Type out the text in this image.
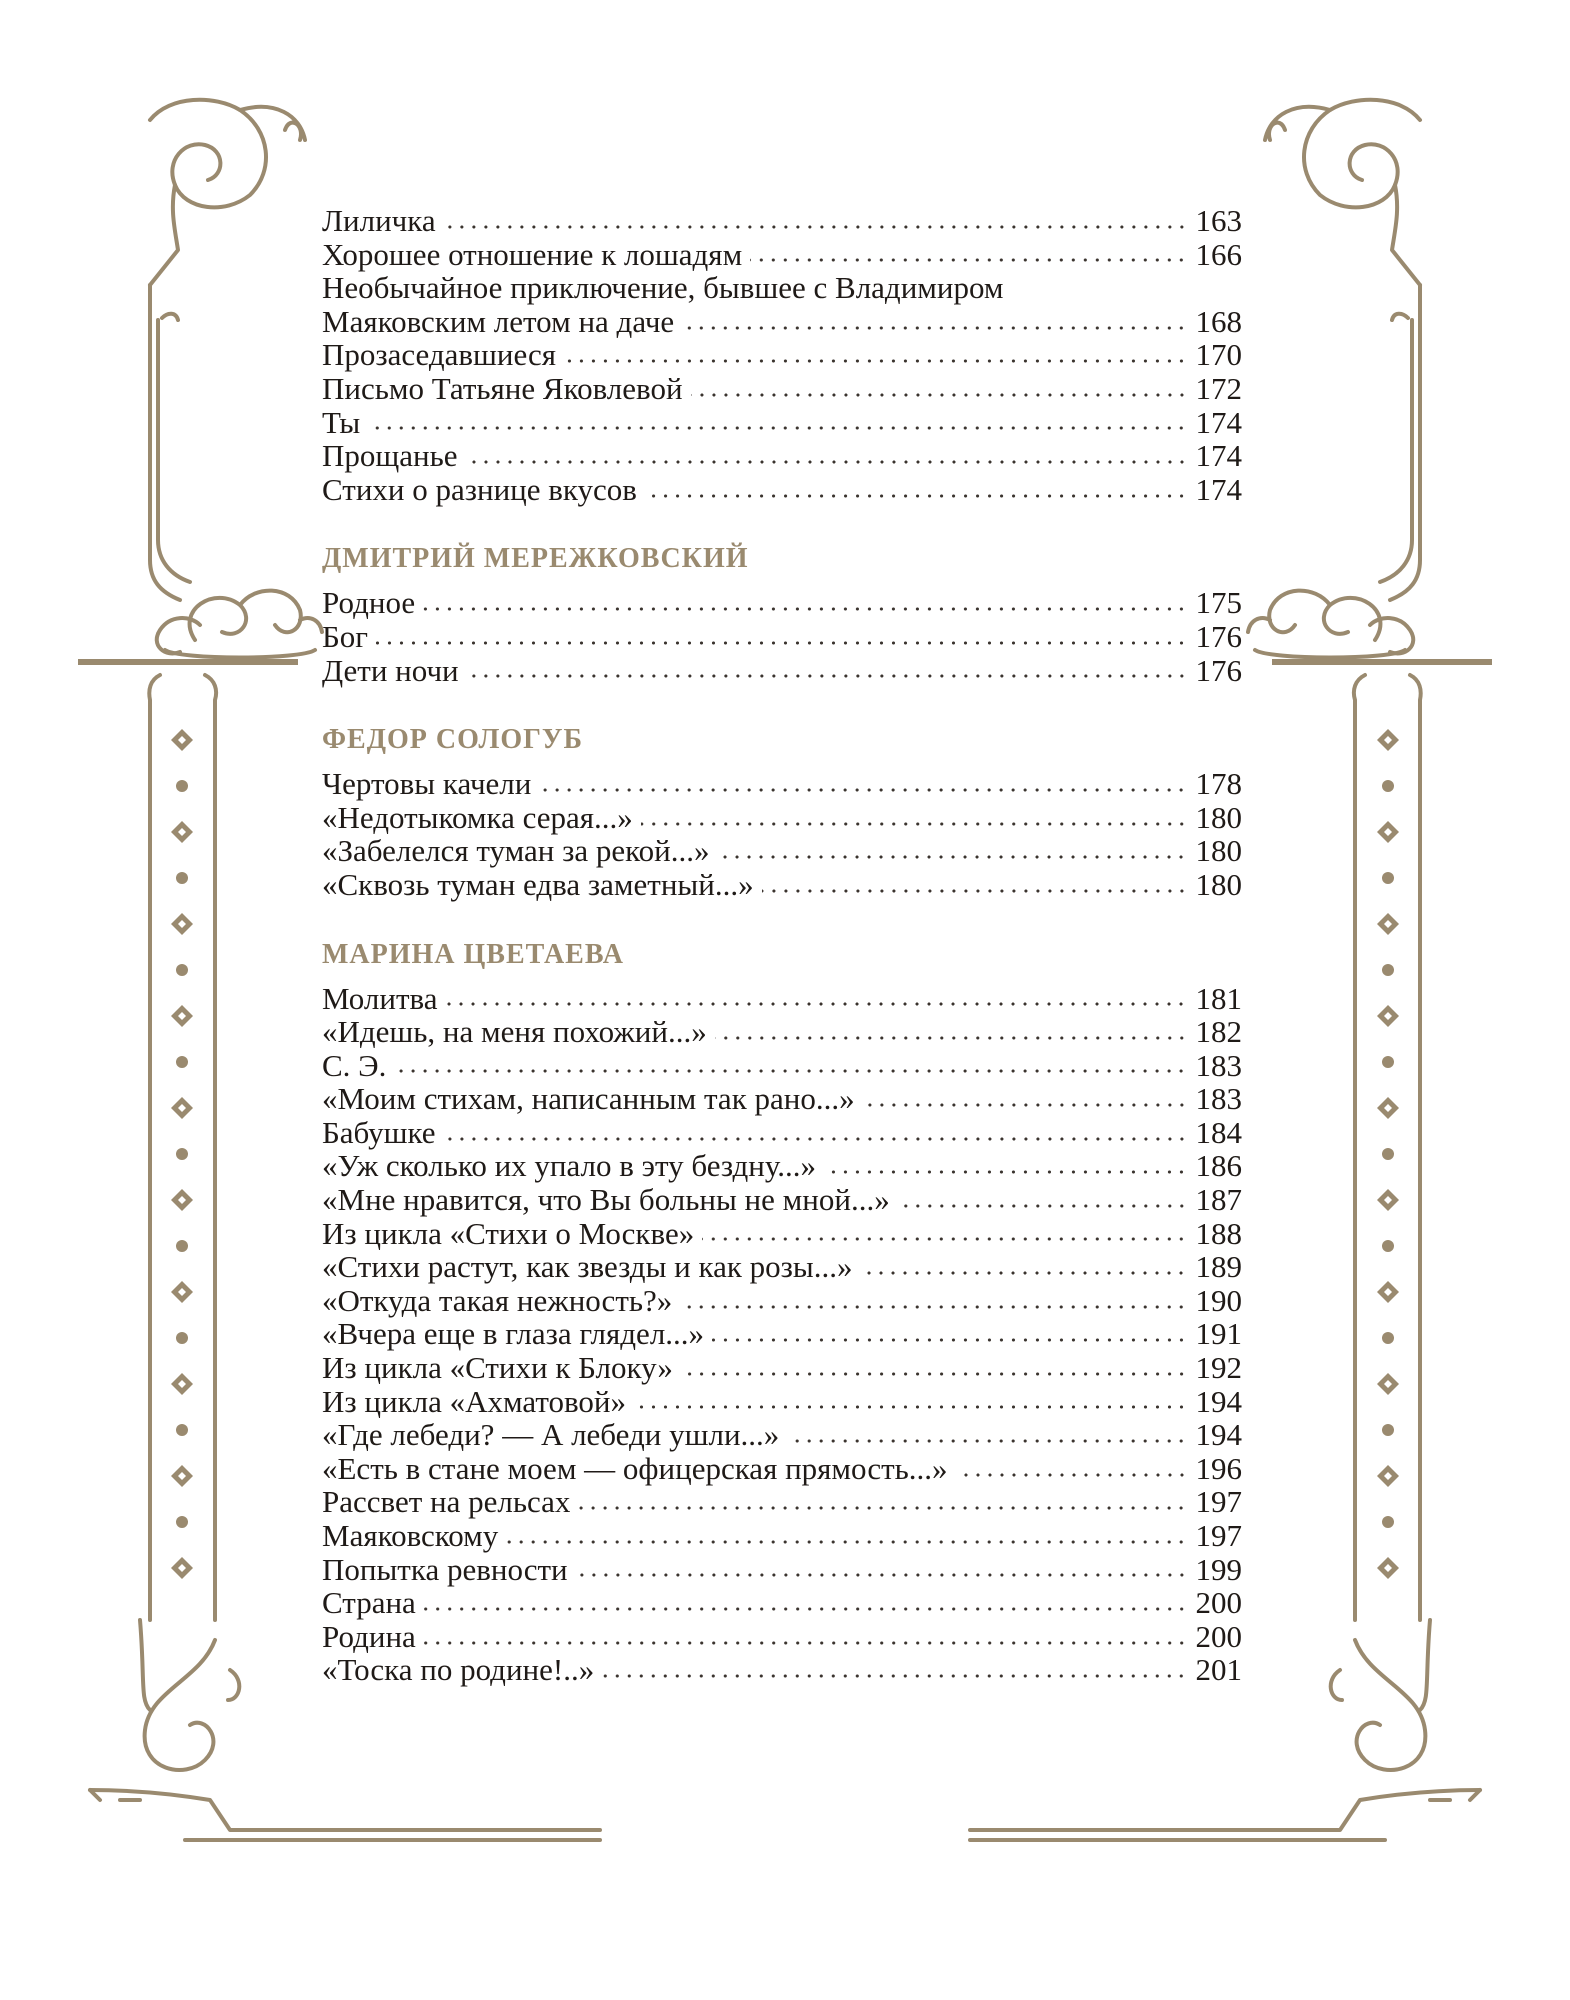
Лиличка	163
Хорошее отношение к лошадям	166
Необычайное приключение, бывшее с Владимиром
Маяковским летом на даче	168
Прозаседавшиеся	170
Письмо Татьяне Яковлевой	172
Ты	174
Прощанье	174
Стихи о разнице вкусов	174
ДМИТРИЙ МЕРЕЖКОВСКИЙ
Родное	175
Бог	176
Дети ночи	176
ФЕДОР СОЛОГУБ
Чертовы качели	178
«Недотыкомка серая...»	180
«Забелелся туман за рекой...»	180
«Сквозь туман едва заметный...»	180
МАРИНА ЦВЕТАЕВА
Молитва	181
«Идешь, на меня похожий...»	182
С. Э.	183
«Моим стихам, написанным так рано...»	183
Бабушке	184
«Уж сколько их упало в эту бездну...»	186
«Мне нравится, что Вы больны не мной...»	187
Из цикла «Стихи о Москве»	188
«Стихи растут, как звезды и как розы...»	189
«Откуда такая нежность?»	190
«Вчера еще в глаза глядел...»	191
Из цикла «Стихи к Блоку»	192
Из цикла «Ахматовой»	194
«Где лебеди? — А лебеди ушли...»	194
«Есть в стане моем — офицерская прямость...»	196
Рассвет на рельсах	197
Маяковскому	197
Попытка ревности	199
Страна	200
Родина	200
«Тоска по родине!..»	201
